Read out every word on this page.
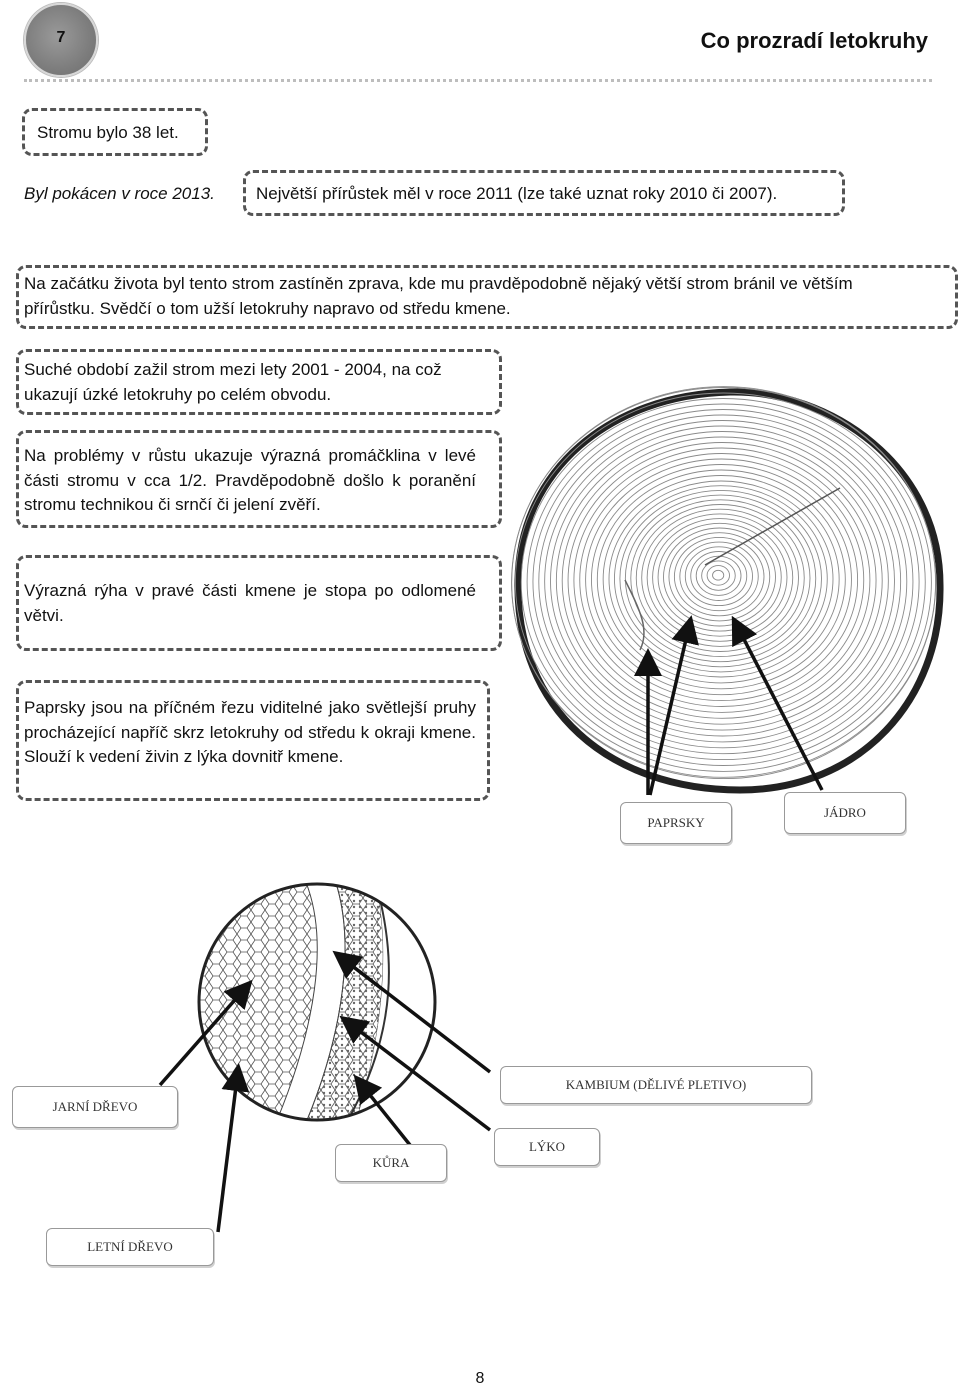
7	Co prozradí letokruhy
Stromu bylo 38 let.
Byl pokácen v roce 2013. Největší přírůstek měl v roce 2011 (lze také uznat roky 2010 či 2007).
Na začátku života byl tento strom zastíněn zprava, kde mu pravděpodobně nějaký větší strom bránil ve větším
přírůstku. Svědčí o tom užší letokruhy napravo od středu kmene.
Suché období zažil strom mezi lety 2001 - 2004, na což ukazují úzké letokruhy po celém obvodu.
Na problémy v růstu ukazuje výrazná promáčklina v levé části stromu v cca 1/2. Pravděpodobně došlo k poranění stromu technikou či srnčí či jelení zvěří.
Výrazná rýha v pravé části kmene je stopa po odlomené větvi.
Paprsky jsou na příčném řezu viditelné jako světlejší pruhy procházející napříč skrz letokruhy od středu k okraji kmene. Slouží k vedení živin z lýka dovnitř kmene.
PAPRSKY
JÁDRO
JARNÍ DŘEVO
KAMBIUM (DĚLIVÉ PLETIVO)
LÝKO
KŮRA
LETNÍ DŘEVO
8
